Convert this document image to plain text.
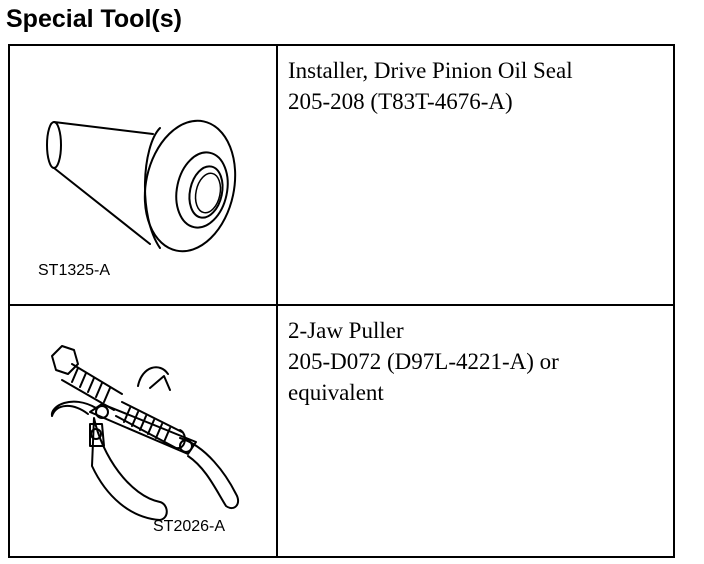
Special Tool(s)
ST1325-A
Installer, Drive Pinion Oil Seal
205-208 (T83T-4676-A)
ST2026-A
2-Jaw Puller
205-D072 (D97L-4221-A) or
equivalent
